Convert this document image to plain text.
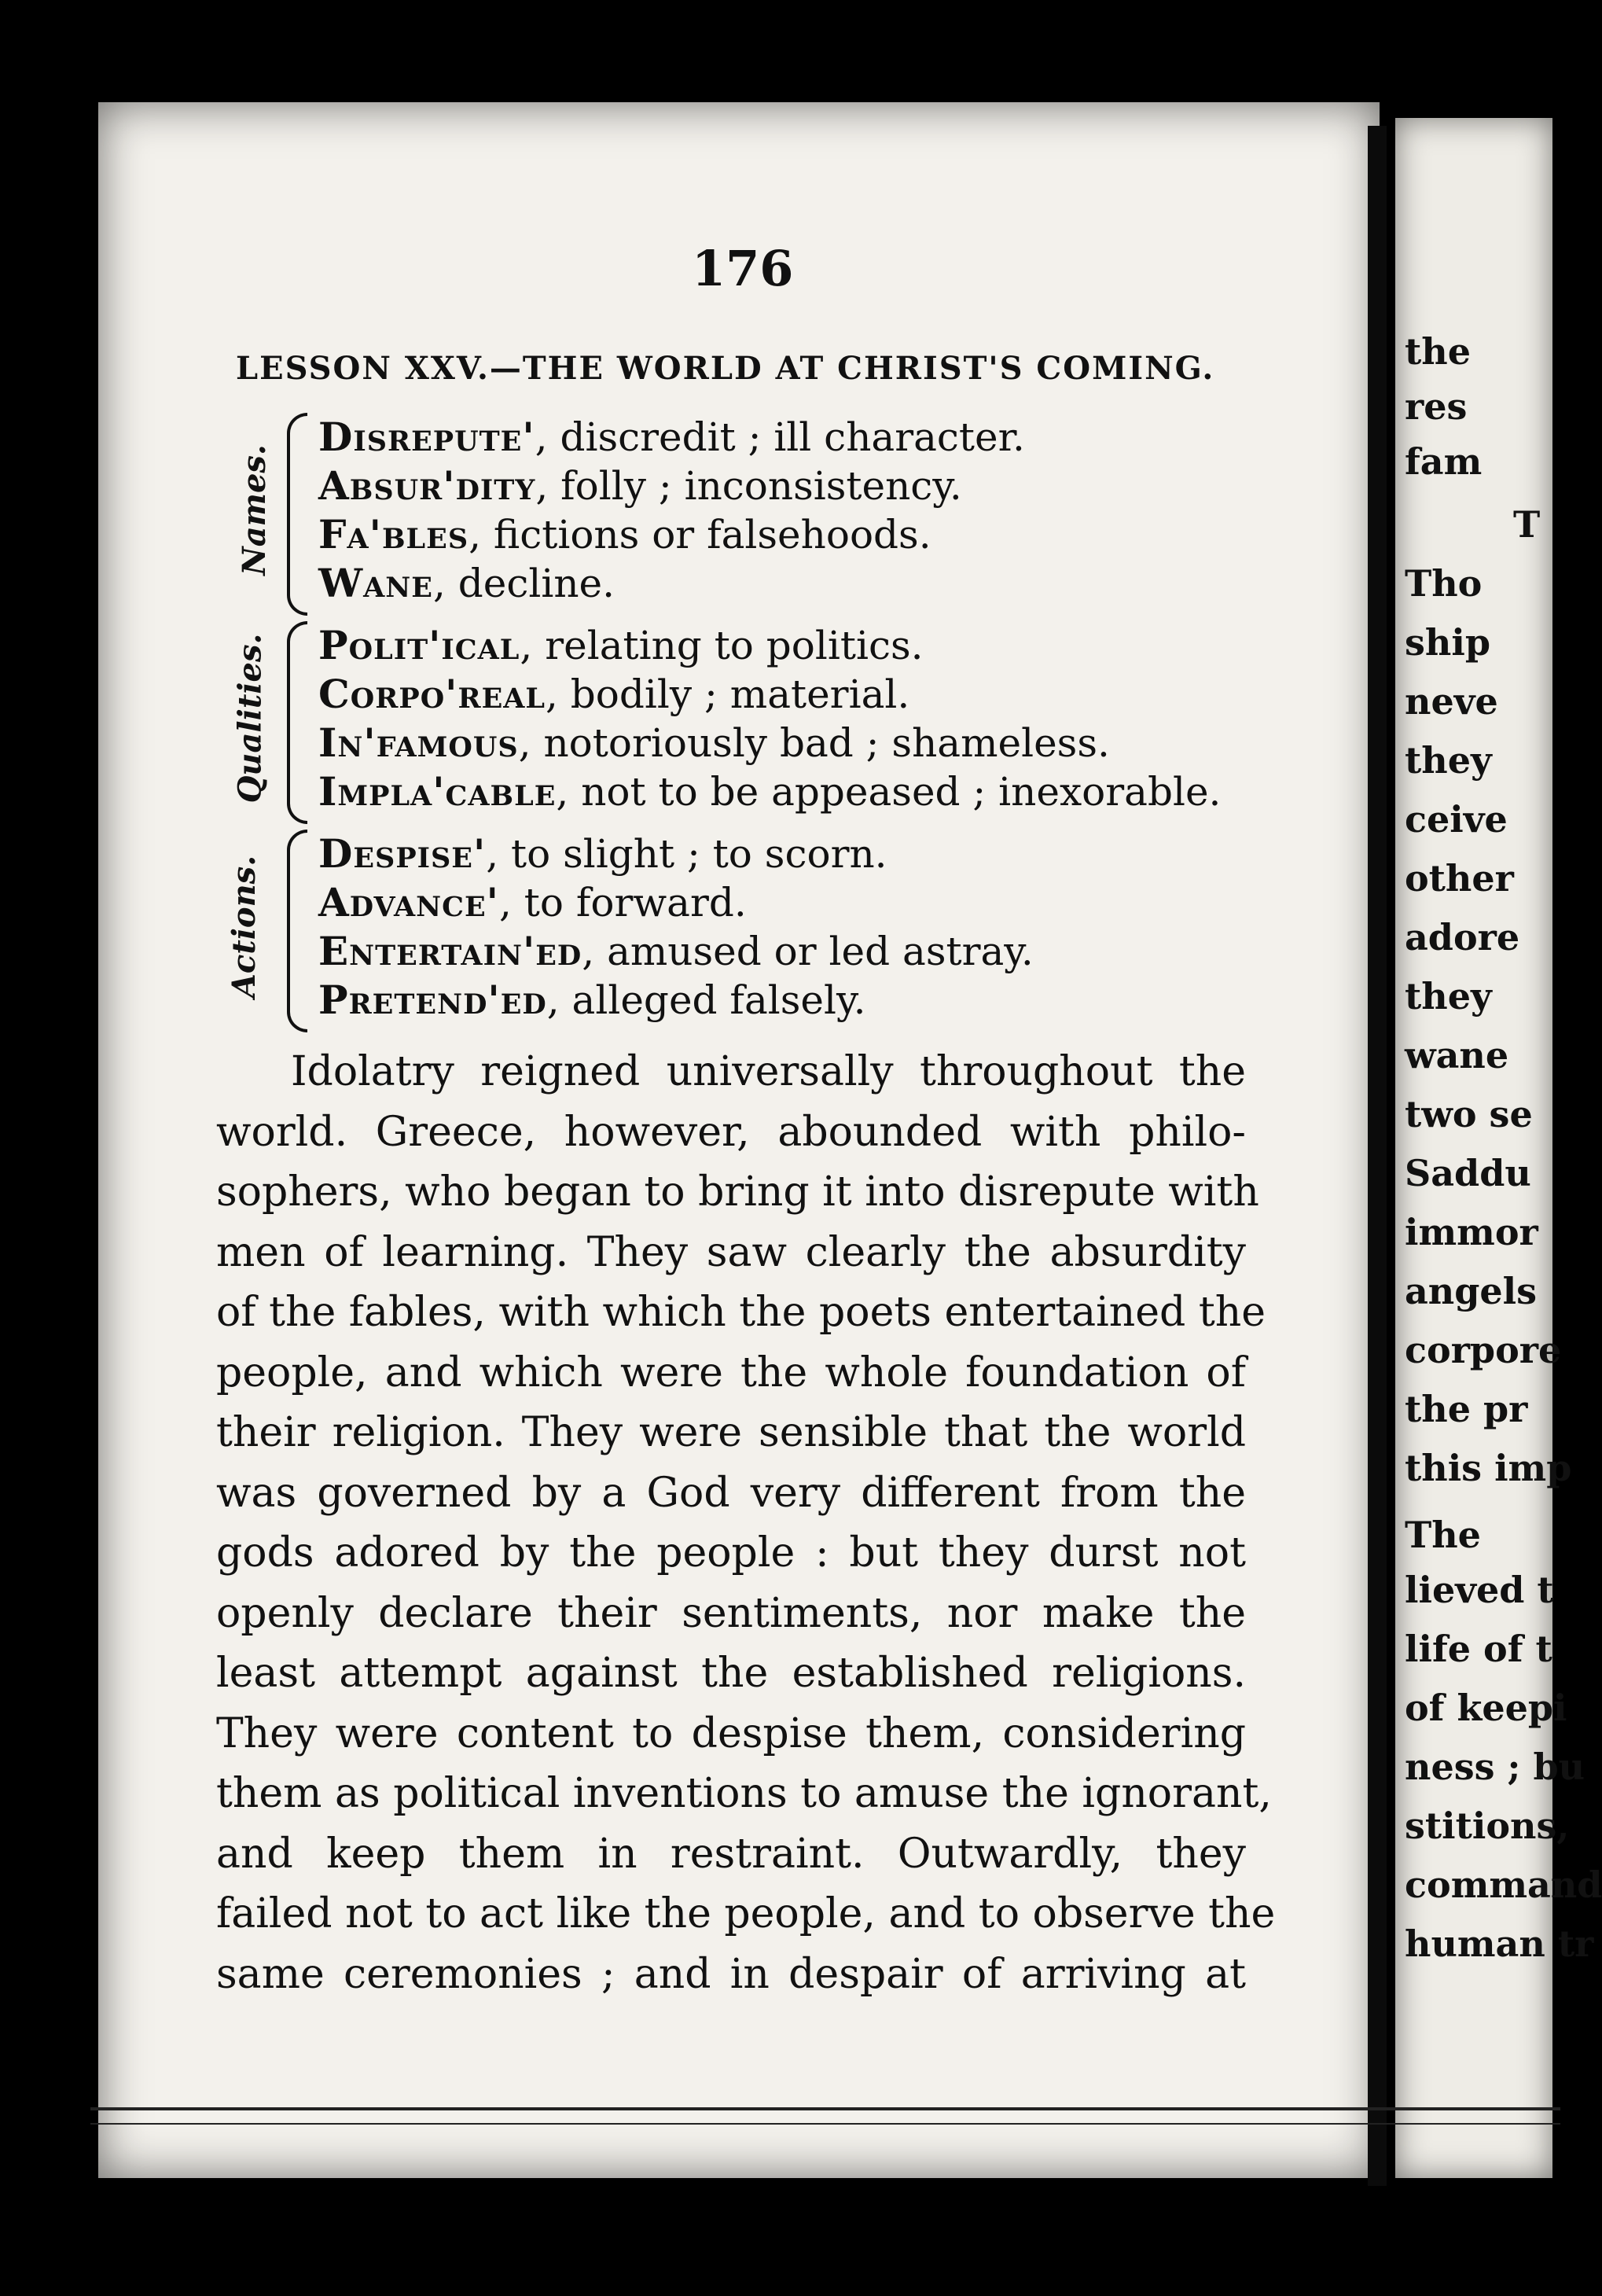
the
res
fam
T
Tho
ship
neve
they
ceive
other
adore
they
wane
two se
Saddu
immor
angels
corpore
the pr
this imp
The
lieved t
life of t
of keepi
ness ; bu
stitions,
command
human tr
176
LESSON XXV.—THE WORLD AT CHRIST'S COMING.
Names.
Disrepute', discredit ; ill character.
Absur'dity, folly ; inconsistency.
Fa'bles, fictions or falsehoods.
Wane, decline.
Qualities. Polit'ical, relating to politics.
Corpo'real, bodily ; material.
In'famous, notoriously bad ; shameless.
Impla'cable, not to be appeased ; inexorable.
Actions.
Despise', to slight ; to scorn.
Advance', to forward.
Entertain'ed, amused or led astray.
Pretend'ed, alleged falsely.
Idolatry reigned universally throughout the
world. Greece, however, abounded with philo-
sophers, who began to bring it into disrepute with
men of learning. They saw clearly the absurdity
of the fables, with which the poets entertained the
people, and which were the whole foundation of
their religion. They were sensible that the world
was governed by a God very different from the
gods adored by the people : but they durst not
openly declare their sentiments, nor make the
least attempt against the established religions.
They were content to despise them, considering
them as political inventions to amuse the ignorant,
and keep them in restraint. Outwardly, they
failed not to act like the people, and to observe the
same ceremonies ; and in despair of arriving at
